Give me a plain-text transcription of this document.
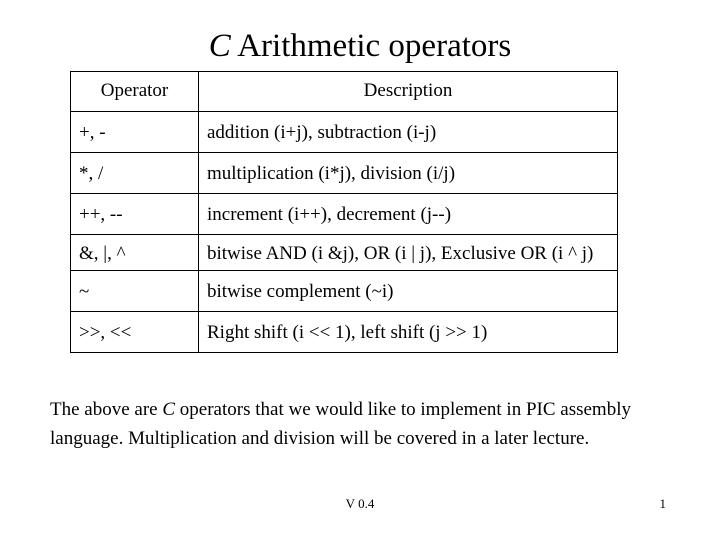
C Arithmetic operators
Operator	Description
+, -	addition (i+j), subtraction (i-j)
*, /	multiplication (i*j), division (i/j)
++, --	increment (i++), decrement (j--)
&, |, ^	bitwise AND (i &j), OR (i | j), Exclusive OR (i ^ j)
~	bitwise complement (~i)
>>, <<	Right shift (i << 1), left shift (j >> 1)
The above are C operators that we would like to implement in PIC assembly language. Multiplication and division will be covered in a later lecture.
V 0.4	1
